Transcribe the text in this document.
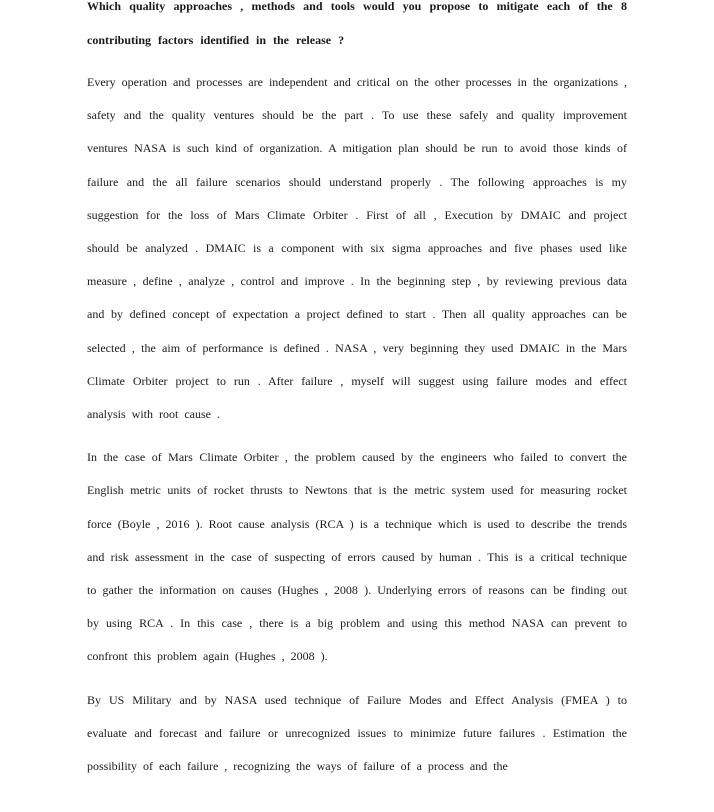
Which quality approaches , methods and tools would you propose to mitigate each of the 8 contributing factors identified in the release ?

Every operation and processes are independent and critical on the other processes in the organizations , safety and the quality ventures should be the part . To use these safely and quality improvement ventures NASA is such kind of organization. A mitigation plan should be run to avoid those kinds of failure and the all failure scenarios should understand properly . The following approaches is my suggestion for the loss of Mars Climate Orbiter . First of all , Execution by DMAIC and project should be analyzed . DMAIC is a component with six sigma approaches and five phases used like measure , define , analyze , control and improve . In the beginning step , by reviewing previous data and by defined concept of expectation a project defined to start . Then all quality approaches can be selected , the aim of performance is defined . NASA , very beginning they used DMAIC in the Mars Climate Orbiter project to run . After failure , myself will suggest using failure modes and effect analysis with root cause .

In the case of Mars Climate Orbiter , the problem caused by the engineers who failed to convert the English metric units of rocket thrusts to Newtons that is the metric system used for measuring rocket force (Boyle , 2016 ). Root cause analysis (RCA ) is a technique which is used to describe the trends and risk assessment in the case of suspecting of errors caused by human . This is a critical technique to gather the information on causes (Hughes , 2008 ). Underlying errors of reasons can be finding out by using RCA . In this case , there is a big problem and using this method NASA can prevent to confront this problem again (Hughes , 2008 ).

By US Military and by NASA used technique of Failure Modes and Effect Analysis (FMEA ) to evaluate and forecast and failure or unrecognized issues to minimize future failures . Estimation the possibility of each failure , recognizing the ways of failure of a process and the
